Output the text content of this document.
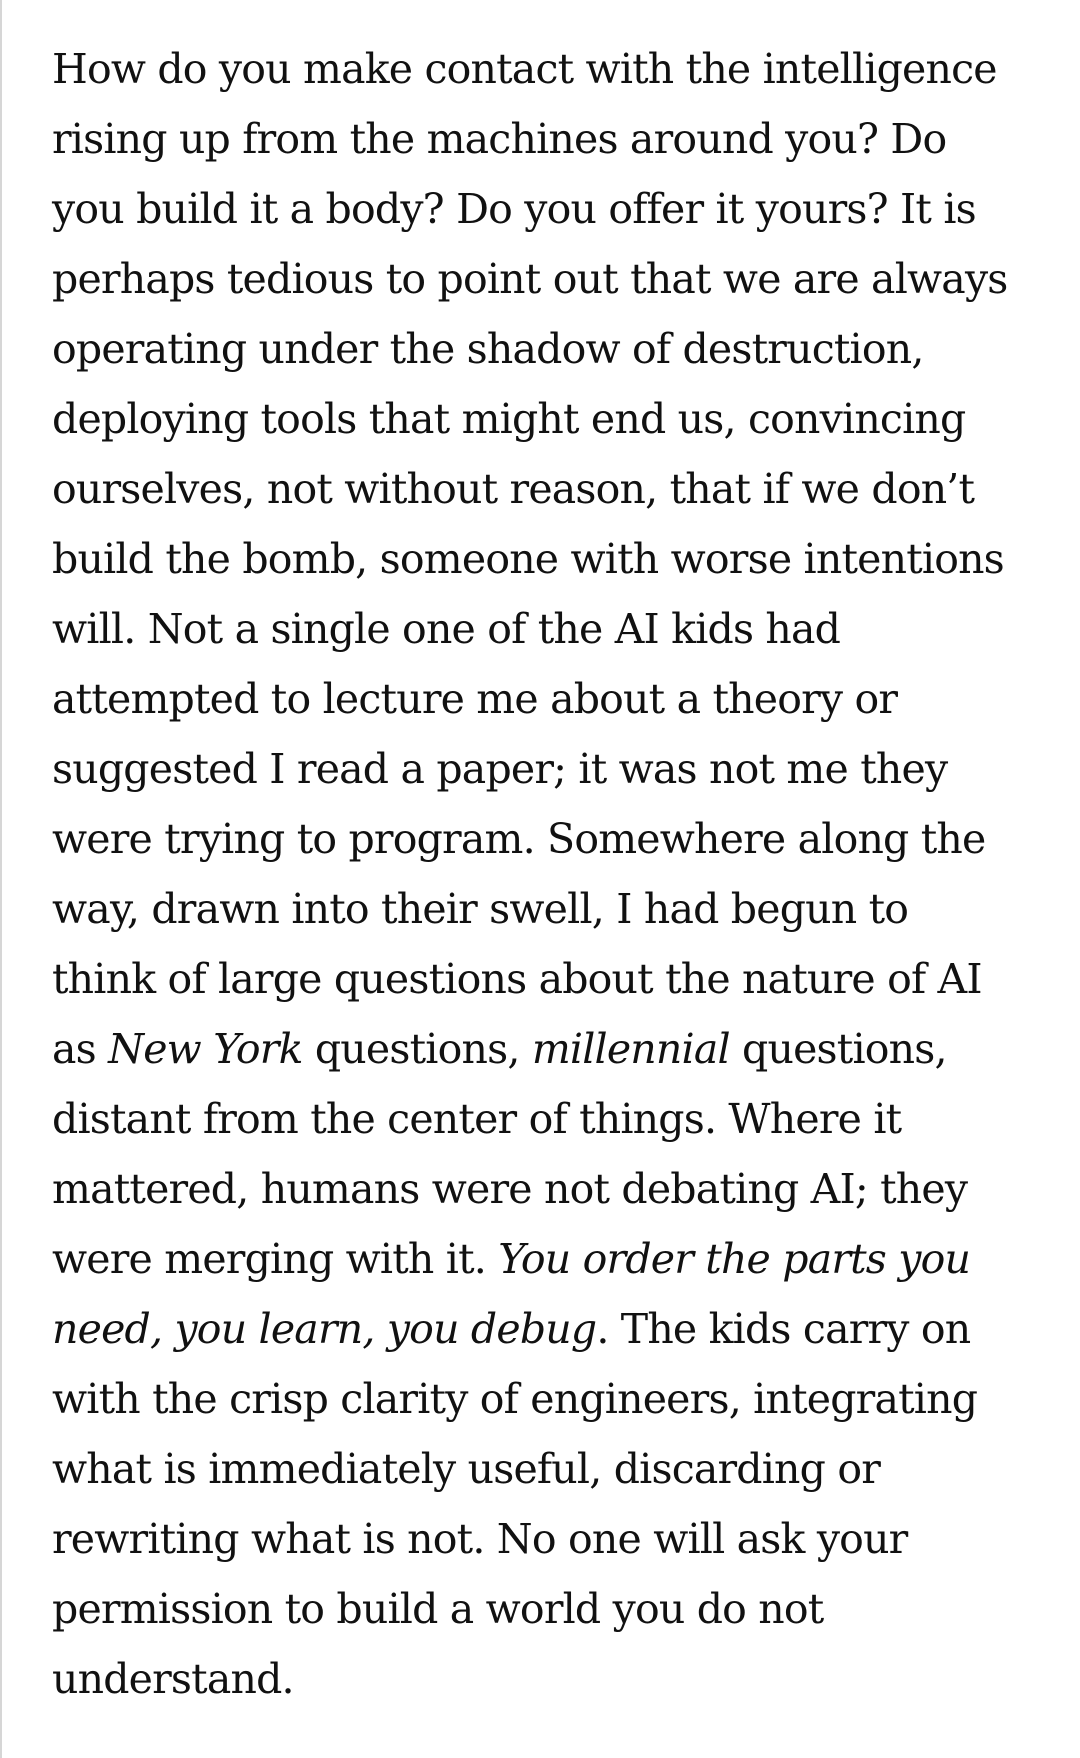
How do you make contact with the intelligence
rising up from the machines around you? Do
you build it a body? Do you offer it yours? It is
perhaps tedious to point out that we are always
operating under the shadow of destruction,
deploying tools that might end us, convincing
ourselves, not without reason, that if we don’t
build the bomb, someone with worse intentions
will. Not a single one of the AI kids had
attempted to lecture me about a theory or
suggested I read a paper; it was not me they
were trying to program. Somewhere along the
way, drawn into their swell, I had begun to
think of large questions about the nature of AI
as New York questions, millennial questions,
distant from the center of things. Where it
mattered, humans were not debating AI; they
were merging with it. You order the parts you
need, you learn, you debug. The kids carry on
with the crisp clarity of engineers, integrating
what is immediately useful, discarding or
rewriting what is not. No one will ask your
permission to build a world you do not
understand.
